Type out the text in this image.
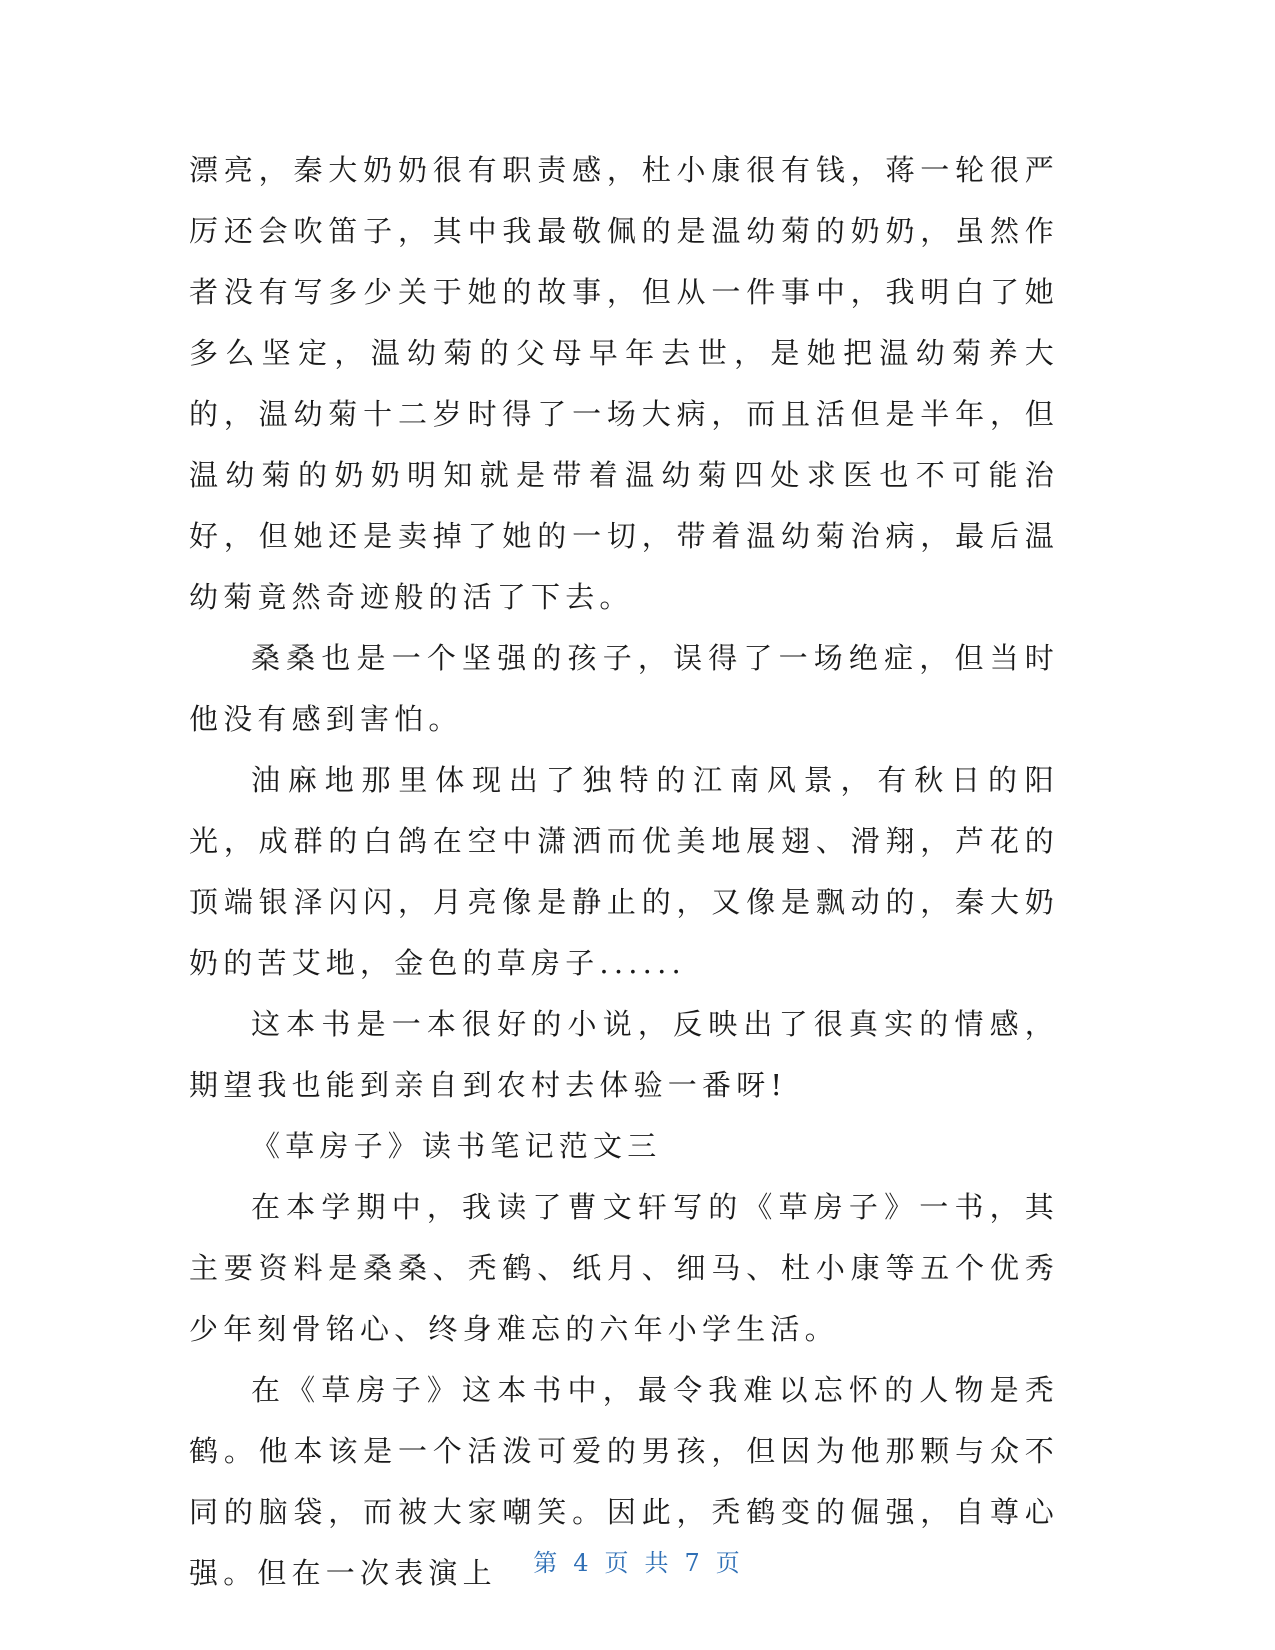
漂亮，秦大奶奶很有职责感，杜小康很有钱，蒋一轮很严厉还会吹笛子，其中我最敬佩的是温幼菊的奶奶，虽然作者没有写多少关于她的故事，但从一件事中，我明白了她多么坚定，温幼菊的父母早年去世，是她把温幼菊养大的，温幼菊十二岁时得了一场大病，而且活但是半年，但温幼菊的奶奶明知就是带着温幼菊四处求医也不可能治好，但她还是卖掉了她的一切，带着温幼菊治病，最后温幼菊竟然奇迹般的活了下去。

桑桑也是一个坚强的孩子，误得了一场绝症，但当时他没有感到害怕。

油麻地那里体现出了独特的江南风景，有秋日的阳光，成群的白鸽在空中潇洒而优美地展翅、滑翔，芦花的顶端银泽闪闪，月亮像是静止的，又像是飘动的，秦大奶奶的苦艾地，金色的草房子......

这本书是一本很好的小说，反映出了很真实的情感，期望我也能到亲自到农村去体验一番呀!

《草房子》读书笔记范文三

在本学期中，我读了曹文轩写的《草房子》一书，其主要资料是桑桑、秃鹤、纸月、细马、杜小康等五个优秀少年刻骨铭心、终身难忘的六年小学生活。

在《草房子》这本书中，最令我难以忘怀的人物是秃鹤。他本该是一个活泼可爱的男孩，但因为他那颗与众不同的脑袋，而被大家嘲笑。因此，秃鹤变的倔强，自尊心强。但在一次表演上	第 4 页 共 7 页
